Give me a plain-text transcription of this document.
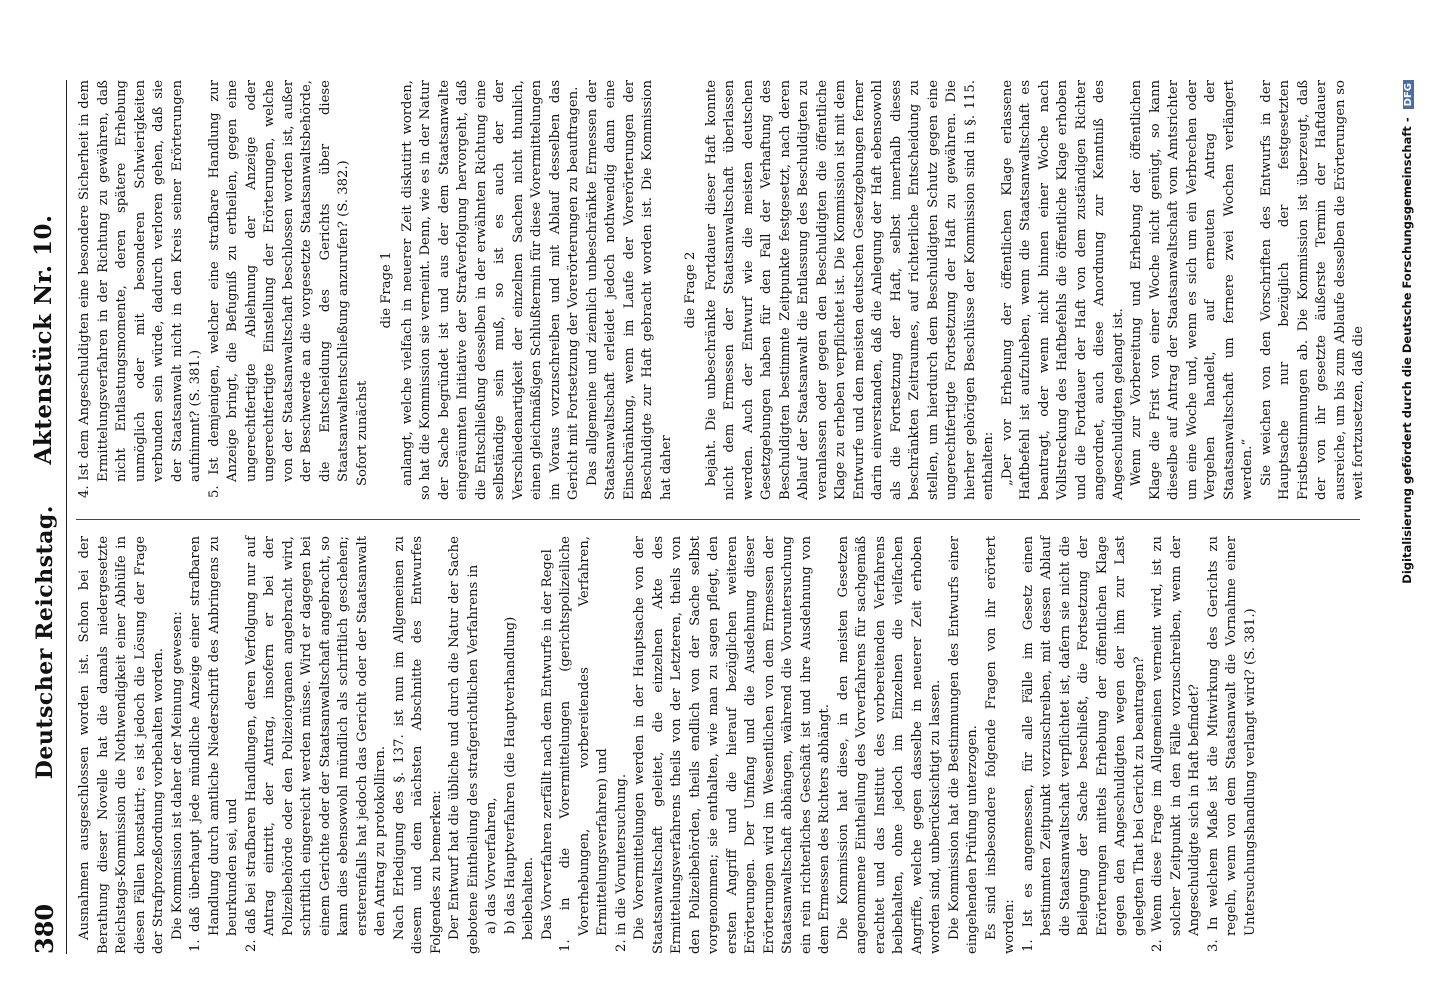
380
Deutscher Reichstag.
Aktenstück Nr. 10.

Ausnahmen ausgeschlossen worden ist. Schon bei der Berathung dieser Novelle hat die damals niedergesetzte Reichstags-Kommission die Nothwendigkeit einer Abhülfe in diesen Fällen konstatirt; es ist jedoch die Lösung der Frage der Strafprozeßordnung vorbehalten worden. Die Kommission ist daher der Meinung gewesen: 1. daß überhaupt jede mündliche Anzeige einer strafbaren Handlung durch amtliche Niederschrift des Anbringens zu beurkunden sei, und 2. daß bei strafbaren Handlungen, deren Verfolgung nur auf Antrag eintritt, der Antrag, insofern er bei der Polizeibehörde oder den Polizeiorganen angebracht wird, schriftlich eingereicht werden müsse. Wird er dagegen bei einem Gerichte oder der Staatsanwaltschaft angebracht, so kann dies ebensowohl mündlich als schriftlich geschehen; ersterenfalls hat jedoch das Gericht oder der Staatsanwalt den Antrag zu protokolliren. Nach Erledigung des §. 137. ist nun im Allgemeinen zu diesem und dem nächsten Abschnitte des Entwurfes Folgendes zu bemerken: Der Entwurf hat die übliche und durch die Natur der Sache gebotene Eintheilung des strafgerichtlichen Verfahrens in a) das Vorverfahren, b) das Hauptverfahren (die Hauptverhandlung) beibehalten. Das Vorverfahren zerfällt nach dem Entwurfe in der Regel 1. in die Vorermittelungen (gerichtspolizeiliche Vorerhebungen, vorbereitendes Verfahren, Ermittelungsverfahren) und 2. in die Voruntersuchung. Die Vorermittelungen werden in der Hauptsache von der Staatsanwaltschaft geleitet, die einzelnen Akte des Ermittelungsverfahrens theils von der Letzteren, theils von den Polizeibehörden, theils endlich von der Sache selbst vorgenommen; sie enthalten, wie man zu sagen pflegt, den ersten Angriff und die hierauf bezüglichen weiteren Erörterungen. Der Umfang und die Ausdehnung dieser Erörterungen wird im Wesentlichen von dem Ermessen der Staatsanwaltschaft abhängen, während die Voruntersuchung ein rein richterliches Geschäft ist und ihre Ausdehnung von dem Ermessen des Richters abhängt. Die Kommission hat diese, in den meisten Gesetzen angenommene Eintheilung des Vorverfahrens für sachgemäß erachtet und das Institut des vorbereitenden Verfahrens beibehalten, ohne jedoch im Einzelnen die vielfachen Angriffe, welche gegen dasselbe in neuerer Zeit erhoben worden sind, unberücksichtigt zu lassen. Die Kommission hat die Bestimmungen des Entwurfs einer eingehenden Prüfung unterzogen. Es sind insbesondere folgende Fragen von ihr erörtert worden: 1. Ist es angemessen, für alle Fälle im Gesetz einen bestimmten Zeitpunkt vorzuschreiben, mit dessen Ablauf die Staatsanwaltschaft verpflichtet ist, dafern sie nicht die Beilegung der Sache beschließt, die Fortsetzung der Erörterungen mittels Erhebung der öffentlichen Klage gegen den Angeschuldigten wegen der ihm zur Last gelegten That bei Gericht zu beantragen? 2. Wenn diese Frage im Allgemeinen verneint wird, ist zu solcher Zeitpunkt in den Fälle vorzuschreiben, wenn der Angeschuldigte sich in Haft befindet? 3. In welchem Maße ist die Mitwirkung des Gerichts zu regeln, wenn von dem Staatsanwalt die Vornahme einer Untersuchungshandlung verlangt wird? (S. 381.)

4. Ist dem Angeschuldigten eine besondere Sicherheit in dem Ermittelungsverfahren in der Richtung zu gewähren, daß nicht Entlastungsmomente, deren spätere Erhebung unmöglich oder mit besonderen Schwierigkeiten verbunden sein würde, dadurch verloren gehen, daß sie der Staatsanwalt nicht in den Kreis seiner Erörterungen aufnimmt? (S. 381.) 5. Ist demjenigen, welcher eine strafbare Handlung zur Anzeige bringt, die Befugniß zu ertheilen, gegen eine ungerechtfertigte Ablehnung der Anzeige oder ungerechtfertigte Einstellung der Erörterungen, welche von der Staatsanwaltschaft beschlossen worden ist, außer der Beschwerde an die vorgesetzte Staatsanwaltsbehörde, die Entscheidung des Gerichts über diese Staatsanwaltentschließung anzurufen? (S. 382.) Sofort zunächst

die Frage 1 anlangt, welche vielfach in neuerer Zeit diskutirt worden, so hat die Kommission sie verneint. Denn, wie es in der Natur der Sache begründet ist und aus der dem Staatsanwalte eingeräumten Initiative der Strafverfolgung hervorgeht, daß die Entschließung desselben in der erwähnten Richtung eine selbständige sein muß, so ist es auch der der Verschiedenartigkeit der einzelnen Sachen nicht thunlich, einen gleichmäßigen Schlußtermin für diese Vorermittelungen im Voraus vorzuschreiben und mit Ablauf desselben das Gericht mit Fortsetzung der Vorerörterungen zu beauftragen. Das allgemeine und ziemlich unbeschränkte Ermessen der Staatsanwaltschaft erleidet jedoch nothwendig dann eine Einschränkung, wenn im Laufe der Vorerörterungen der Beschuldigte zur Haft gebracht worden ist. Die Kommission hat daher

die Frage 2 bejaht. Die unbeschränkte Fortdauer dieser Haft konnte nicht dem Ermessen der Staatsanwaltschaft überlassen werden. Auch der Entwurf wie die meisten deutschen Gesetzgebungen haben für den Fall der Verhaftung des Beschuldigten bestimmte Zeitpunkte festgesetzt, nach deren Ablauf der Staatsanwalt die Entlassung des Beschuldigten zu veranlassen oder gegen den Beschuldigten die öffentliche Klage zu erheben verpflichtet ist. Die Kommission ist mit dem Entwurfe und den meisten deutschen Gesetzgebungen ferner darin einverstanden, daß die Anlegung der Haft ebensowohl als die Fortsetzung der Haft, selbst innerhalb dieses beschränkten Zeitraumes, auf richterliche Entscheidung zu stellen, um hierdurch dem Beschuldigten Schutz gegen eine ungerechtfertigte Fortsetzung der Haft zu gewähren. Die hierher gehörigen Beschlüsse der Kommission sind in §. 115. enthalten: „Der vor Erhebung der öffentlichen Klage erlassene Haftbefehl ist aufzuheben, wenn die Staatsanwaltschaft es beantragt, oder wenn nicht binnen einer Woche nach Vollstreckung des Haftbefehls die öffentliche Klage erhoben und die Fortdauer der Haft von dem zuständigen Richter angeordnet, auch diese Anordnung zur Kenntniß des Angeschuldigten gelangt ist. Wenn zur Vorbereitung und Erhebung der öffentlichen Klage die Frist von einer Woche nicht genügt, so kann dieselbe auf Antrag der Staatsanwaltschaft vom Amtsrichter um eine Woche und, wenn es sich um ein Verbrechen oder Vergehen handelt, auf erneuten Antrag der Staatsanwaltschaft um fernere zwei Wochen verlängert werden.“ Sie weichen von den Vorschriften des Entwurfs in der Hauptsache nur bezüglich der festgesetzten Fristbestimmungen ab. Die Kommission ist überzeugt, daß der von ihr gesetzte äußerste Termin der Haftdauer ausreiche, um bis zum Ablaufe desselben die Erörterungen so weit fortzusetzen, daß die	Digitalisierung gefördert durch die Deutsche Forschungsgemeinschaft - DFG
